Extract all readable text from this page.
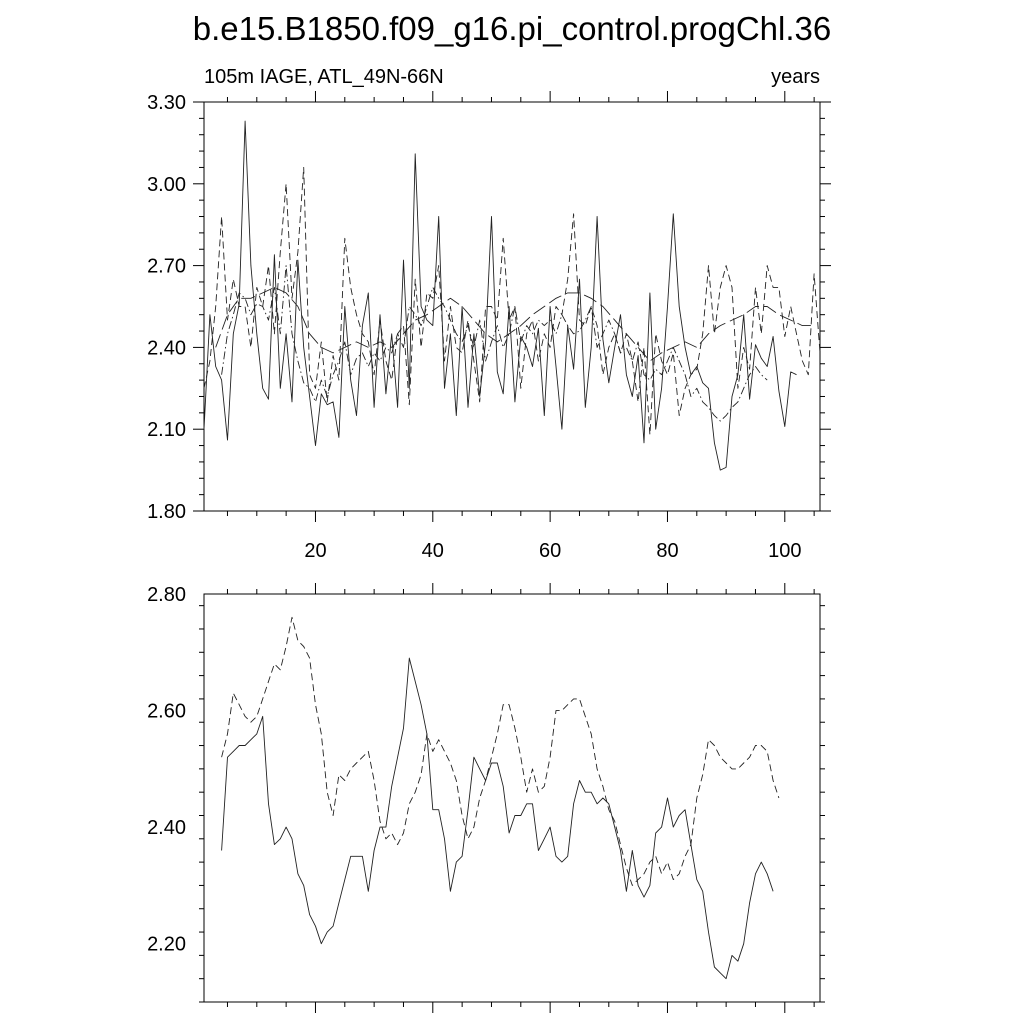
b.e15.B1850.f09_g16.pi_control.progChl.36
105m IAGE, ATL_49N-66N	years
1.80
2.10
2.40
2.70
3.00
3.30
20	40	60	80	100
2.20
2.40
2.60
2.80
